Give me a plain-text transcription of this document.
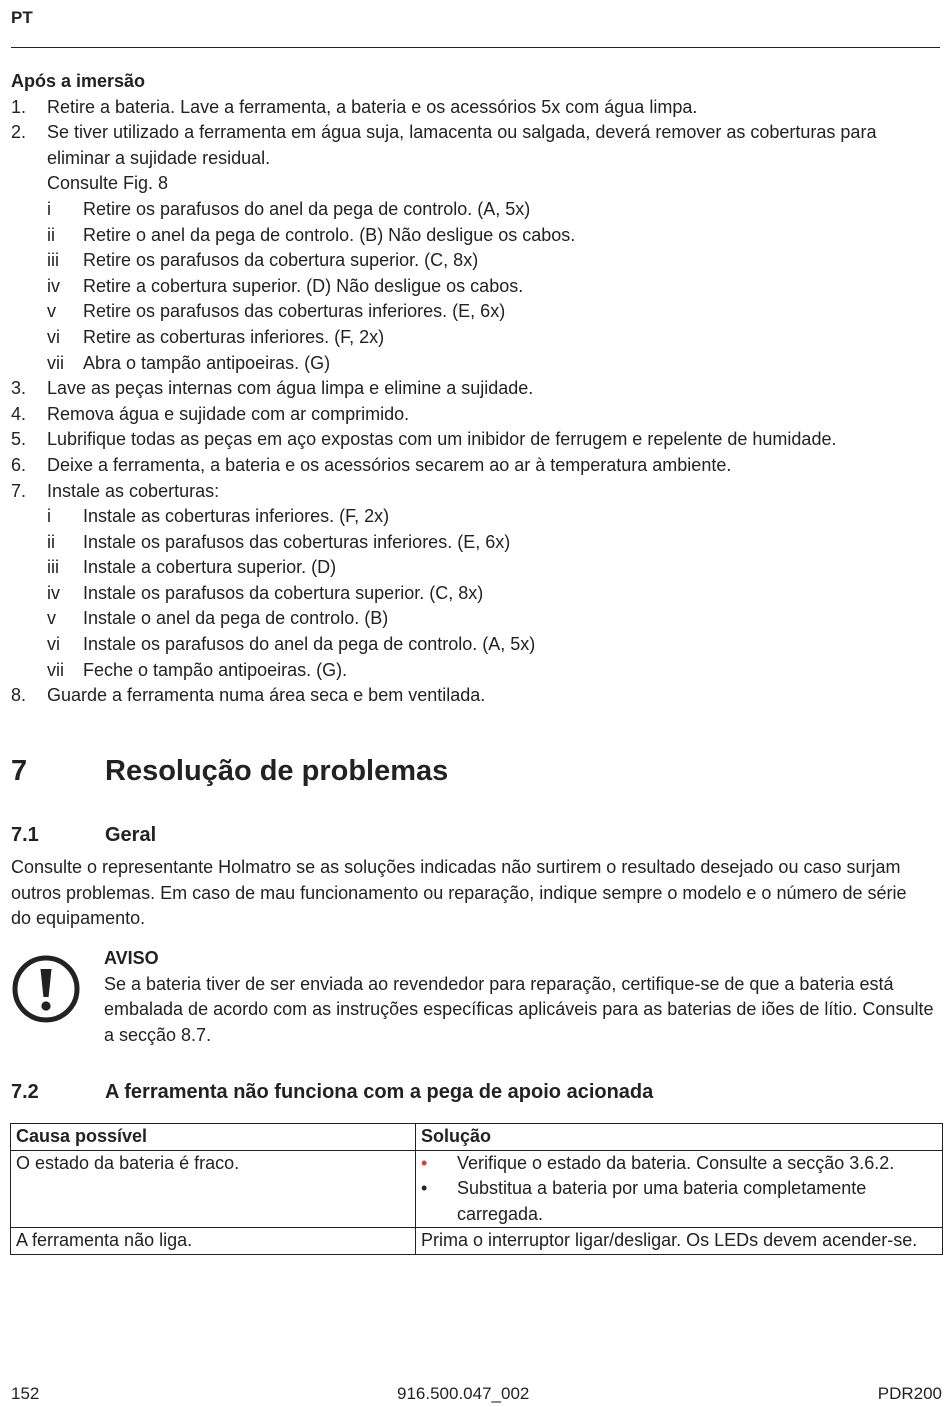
PT

Após a imersão

1. Retire a bateria. Lave a ferramenta, a bateria e os acessórios 5x com água limpa.
2. Se tiver utilizado a ferramenta em água suja, lamacenta ou salgada, deverá remover as coberturas para eliminar a sujidade residual.
Consulte Fig. 8
i Retire os parafusos do anel da pega de controlo. (A, 5x)
ii Retire o anel da pega de controlo. (B) Não desligue os cabos.
iii Retire os parafusos da cobertura superior. (C, 8x)
iv Retire a cobertura superior. (D) Não desligue os cabos.
v Retire os parafusos das coberturas inferiores. (E, 6x)
vi Retire as coberturas inferiores. (F, 2x)
vii Abra o tampão antipoeiras. (G)
3. Lave as peças internas com água limpa e elimine a sujidade.
4. Remova água e sujidade com ar comprimido.
5. Lubrifique todas as peças em aço expostas com um inibidor de ferrugem e repelente de humidade.
6. Deixe a ferramenta, a bateria e os acessórios secarem ao ar à temperatura ambiente.
7. Instale as coberturas:
i Instale as coberturas inferiores. (F, 2x)
ii Instale os parafusos das coberturas inferiores. (E, 6x)
iii Instale a cobertura superior. (D)
iv Instale os parafusos da cobertura superior. (C, 8x)
v Instale o anel da pega de controlo. (B)
vi Instale os parafusos do anel da pega de controlo. (A, 5x)
vii Feche o tampão antipoeiras. (G).
8. Guarde a ferramenta numa área seca e bem ventilada.
7	Resolução de problemas
7.1	Geral

Consulte o representante Holmatro se as soluções indicadas não surtirem o resultado desejado ou caso surjam outros problemas. Em caso de mau funcionamento ou reparação, indique sempre o modelo e o número de série do equipamento.

AVISO
Se a bateria tiver de ser enviada ao revendedor para reparação, certifique-se de que a bateria está embalada de acordo com as instruções específicas aplicáveis para as baterias de iões de lítio. Consulte a secção 8.7.
7.2	A ferramenta não funciona com a pega de apoio acionada
Causa possível	Solução
O estado da bateria é fraco.	• Verifique o estado da bateria. Consulte a secção 3.6.2.
• Substitua a bateria por uma bateria completamente carregada.

A ferramenta não liga.	Prima o interruptor ligar/desligar. Os LEDs devem acender-se.
152	916.500.047_002	PDR200
